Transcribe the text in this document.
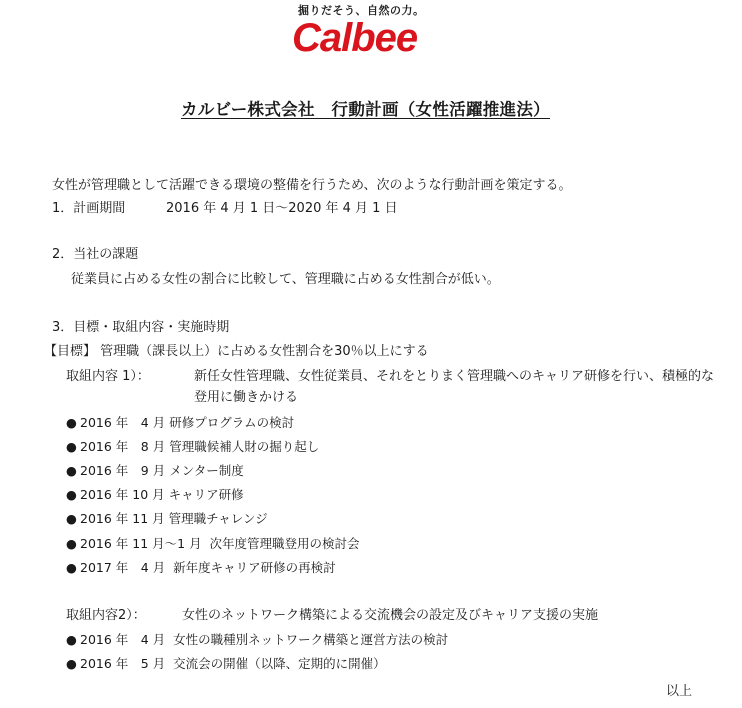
掘りだそう、自然の力。
Calbee
カルビー株式会社　行動計画（女性活躍推進法）
女性が管理職として活躍できる環境の整備を行うため、次のような行動計画を策定する。
1．計画期間	2016 年 4 月 1 日～2020 年 4 月 1 日
2．当社の課題
従業員に占める女性の割合に比較して、管理職に占める女性割合が低い。
3．目標・取組内容・実施時期
【目標】 管理職（課長以上）に占める女性割合を30％以上にする
取組内容 1）：	新任女性管理職、女性従業員、それをとりまく管理職へのキャリア研修を行い、積極的な
登用に働きかける
● 2016 年　4 月 研修プログラムの検討
● 2016 年　8 月 管理職候補人財の掘り起し
● 2016 年　9 月 メンター制度
● 2016 年 10 月 キャリア研修
● 2016 年 11 月 管理職チャレンジ
● 2016 年 11 月～1 月 次年度管理職登用の検討会
● 2017 年　4 月 新年度キャリア研修の再検討
取組内容2）：	女性のネットワーク構築による交流機会の設定及びキャリア支援の実施
● 2016 年　4 月 女性の職種別ネットワーク構築と運営方法の検討
● 2016 年　5 月 交流会の開催（以降、定期的に開催）
以上
